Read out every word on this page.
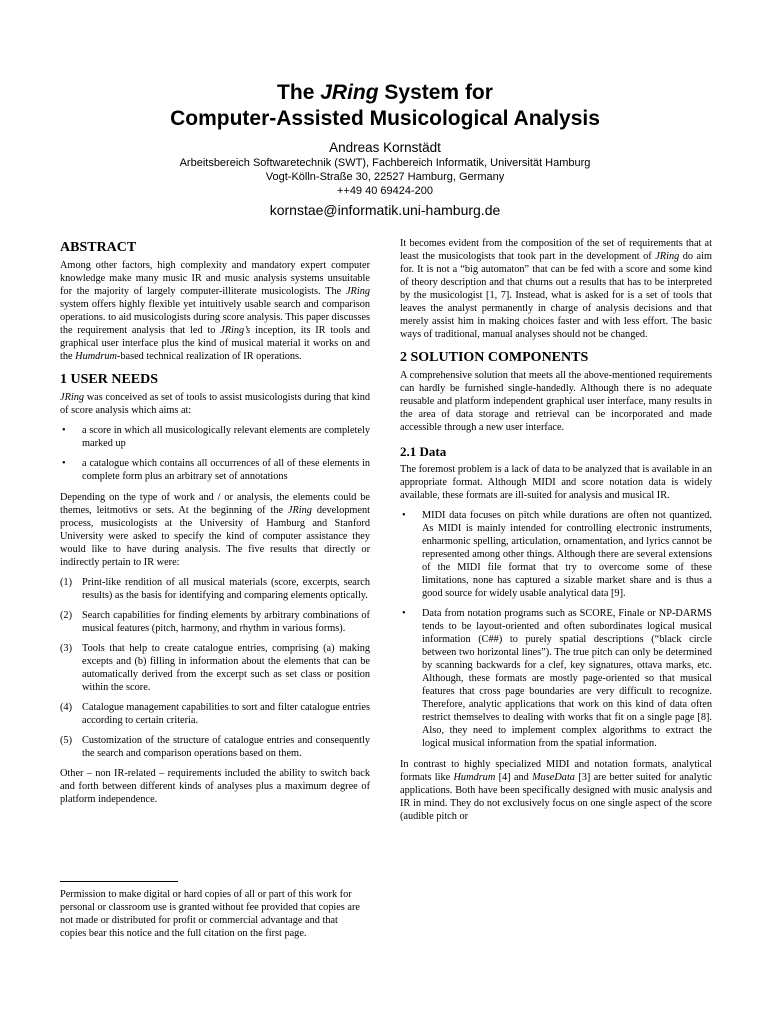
The JRing System for
Computer-Assisted Musicological Analysis
Andreas Kornstädt
Arbeitsbereich Softwaretechnik (SWT), Fachbereich Informatik, Universität Hamburg
Vogt-Kölln-Straße 30, 22527 Hamburg, Germany
++49 40 69424-200
kornstae@informatik.uni-hamburg.de
ABSTRACT

Among other factors, high complexity and mandatory expert computer knowledge make many music IR and music analysis systems unsuitable for the majority of largely computer-illiterate musicologists. The JRing system offers highly flexible yet intuitively usable search and comparison operations. to aid musicologists during score analysis. This paper discusses the requirement analysis that led to JRing’s inception, its IR tools and graphical user interface plus the kind of musical material it works on and the Humdrum-based technical realization of IR operations.

1 USER NEEDS

JRing was conceived as set of tools to assist musicologists during that kind of score analysis which aims at:

• a score in which all musicologically relevant elements are completely marked up
• a catalogue which contains all occurrences of all of these elements in complete form plus an arbitrary set of annotations

Depending on the type of work and / or analysis, the elements could be themes, leitmotivs or sets. At the beginning of the JRing development process, musicologists at the University of Hamburg and Stanford University were asked to specify the kind of computer assistance they would like to have during analysis. The five results that directly or indirectly pertain to IR were:

(1) Print-like rendition of all musical materials (score, excerpts, search results) as the basis for identifying and comparing elements optically.
(2) Search capabilities for finding elements by arbitrary combinations of musical features (pitch, harmony, and rhythm in various forms).
(3) Tools that help to create catalogue entries, comprising (a) making excepts and (b) filling in information about the elements that can be automatically derived from the excerpt such as set class or position within the score.
(4) Catalogue management capabilities to sort and filter catalogue entries according to certain criteria.
(5) Customization of the structure of catalogue entries and consequently the search and comparison operations based on them.

Other – non IR-related – requirements included the ability to switch back and forth between different kinds of analyses plus a maximum degree of platform independence.

Permission to make digital or hard copies of all or part of this work for personal or classroom use is granted without fee provided that copies are not made or distributed for profit or commercial advantage and that copies bear this notice and the full citation on the first page.

It becomes evident from the composition of the set of requirements that at least the musicologists that took part in the development of JRing do aim for. It is not a “big automaton” that can be fed with a score and some kind of theory description and that churns out a results that has to be interpreted by the musicologist [1, 7]. Instead, what is asked for is a set of tools that leaves the analyst permanently in charge of analysis decisions and that merely assist him in making choices faster and with less effort. The basic ways of traditional, manual analyses should not be changed.

2 SOLUTION COMPONENTS

A comprehensive solution that meets all the above-mentioned requirements can hardly be furnished single-handedly. Although there is no adequate reusable and platform independent graphical user interface, many results in the area of data storage and retrieval can be incorporated and made accessible through a new user interface.

2.1 Data

The foremost problem is a lack of data to be analyzed that is available in an appropriate format. Although MIDI and score notation data is widely available, these formats are ill-suited for analysis and musical IR.

• MIDI data focuses on pitch while durations are often not quantized. As MIDI is mainly intended for controlling electronic instruments, enharmonic spelling, articulation, ornamentation, and lyrics cannot be represented among other things. Although there are several extensions of the MIDI file format that try to overcome some of these limitations, none has captured a sizable market share and is thus a good source for widely usable analytical data [9].
• Data from notation programs such as SCORE, Finale or NP-DARMS tends to be layout-oriented and often subordinates logical musical information (C##) to purely spatial descriptions (“black circle between two horizontal lines”). The true pitch can only be determined by scanning backwards for a clef, key signatures, ottava marks, etc. Although, these formats are mostly page-oriented so that musical features that cross page boundaries are very difficult to recognize. Therefore, analytic applications that work on this kind of data often restrict themselves to dealing with works that fit on a single page [8]. Also, they need to implement complex algorithms to extract the logical musical information from the spatial information.

In contrast to highly specialized MIDI and notation formats, analytical formats like Humdrum [4] and MuseData [3] are better suited for analytic applications. Both have been specifically designed with music analysis and IR in mind. They do not exclusively focus on one single aspect of the score (audible pitch or
